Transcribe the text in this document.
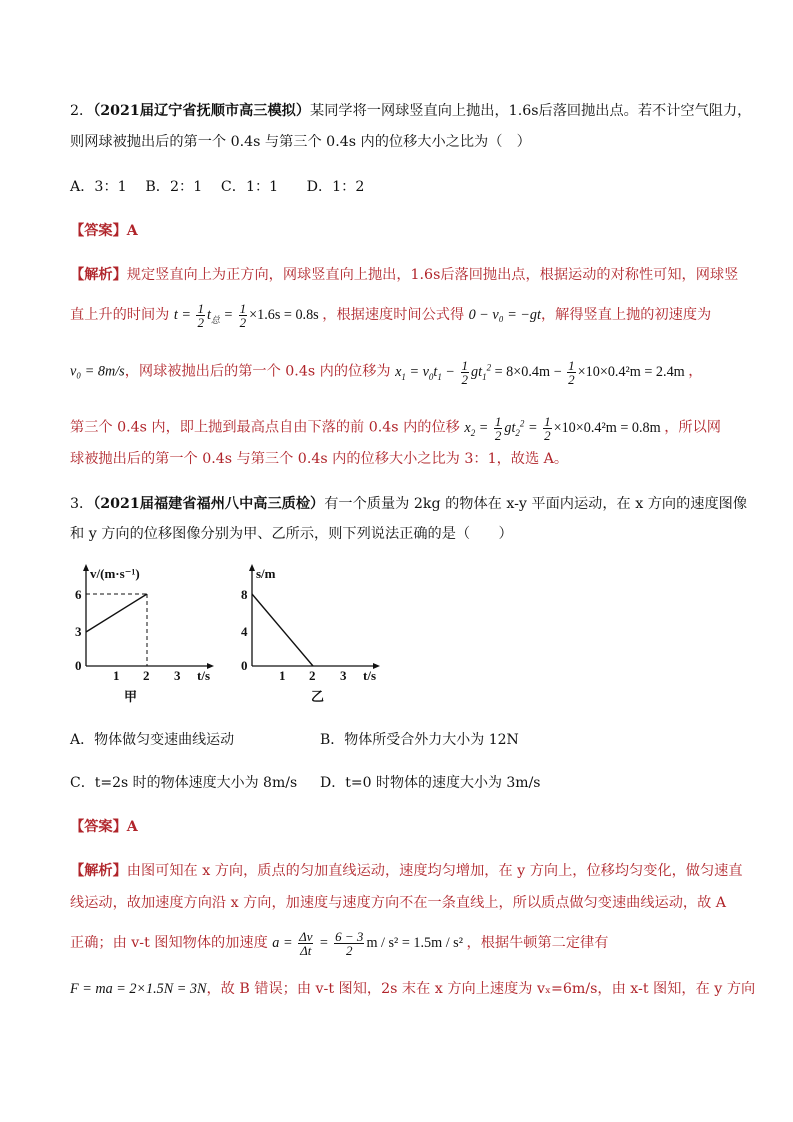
2．（2021届辽宁省抚顺市高三模拟）某同学将一网球竖直向上抛出，1.6s后落回抛出点。若不计空气阻力，
则网球被抛出后的第一个 0.4s 与第三个 0.4s 内的位移大小之比为（　）
A．3：1　 B．2：1　 C．1：1　　D．1：2
【答案】A
【解析】规定竖直向上为正方向，网球竖直向上抛出，1.6s后落回抛出点，根据运动的对称性可知，网球竖
直上升的时间为 $t = \frac{1}{2} t_总 = \frac{1}{2} \times 1.6s = 0.8s$ ，根据速度时间公式得 0 − v₀ = −gt，解得竖直上抛的初速度为
v₀ = 8m/s，网球被抛出后的第一个 0.4s 内的位移为 $x_1 = v_0t_1 - \frac{1}{2} gt_1^2 = 8\times 0.4m - \frac{1}{2} \times 10\times 0.4^2m = 2.4m$ ，
第三个 0.4s 内，即上抛到最高点自由下落的前 0.4s 内的位移 $x_2 = \frac{1}{2} gt_2^2 = \frac{1}{2} \times 10\times 0.4^2m = 0.8m$ ，所以网
球被抛出后的第一个 0.4s 与第三个 0.4s 内的位移大小之比为 3：1，故选 A。
3．（2021届福建省福州八中高三质检）有一个质量为 2kg 的物体在 x-y 平面内运动，在 x 方向的速度图像
和 y 方向的位移图像分别为甲、乙所示，则下列说法正确的是（　　）
v/(m·s⁻¹)
t/s
0
3
6
1 2 3
甲
s/m
t/s
0
4
8
1 2 3
乙
A．物体做匀变速曲线运动	B．物体所受合外力大小为 12N
C．t=2s 时的物体速度大小为 8m/s D．t=0 时物体的速度大小为 3m/s
【答案】A
【解析】由图可知在 x 方向，质点的匀加直线运动，速度均匀增加，在 y 方向上，位移均匀变化，做匀速直
线运动，故加速度方向沿 x 方向，加速度与速度方向不在一条直线上，所以质点做匀变速曲线运动，故 A
正确；由 v-t 图知物体的加速度 $a = \frac{\Delta v}{\Delta t} = \frac{6 - 3}{2}$ m / s² = 1.5m / s² ，根据牛顿第二定律有
F = ma = 2×1.5N = 3N，故 B 错误；由 v-t 图知，2s 末在 x 方向上速度为 vₓ=6m/s，由 x-t 图知，在 y 方向
